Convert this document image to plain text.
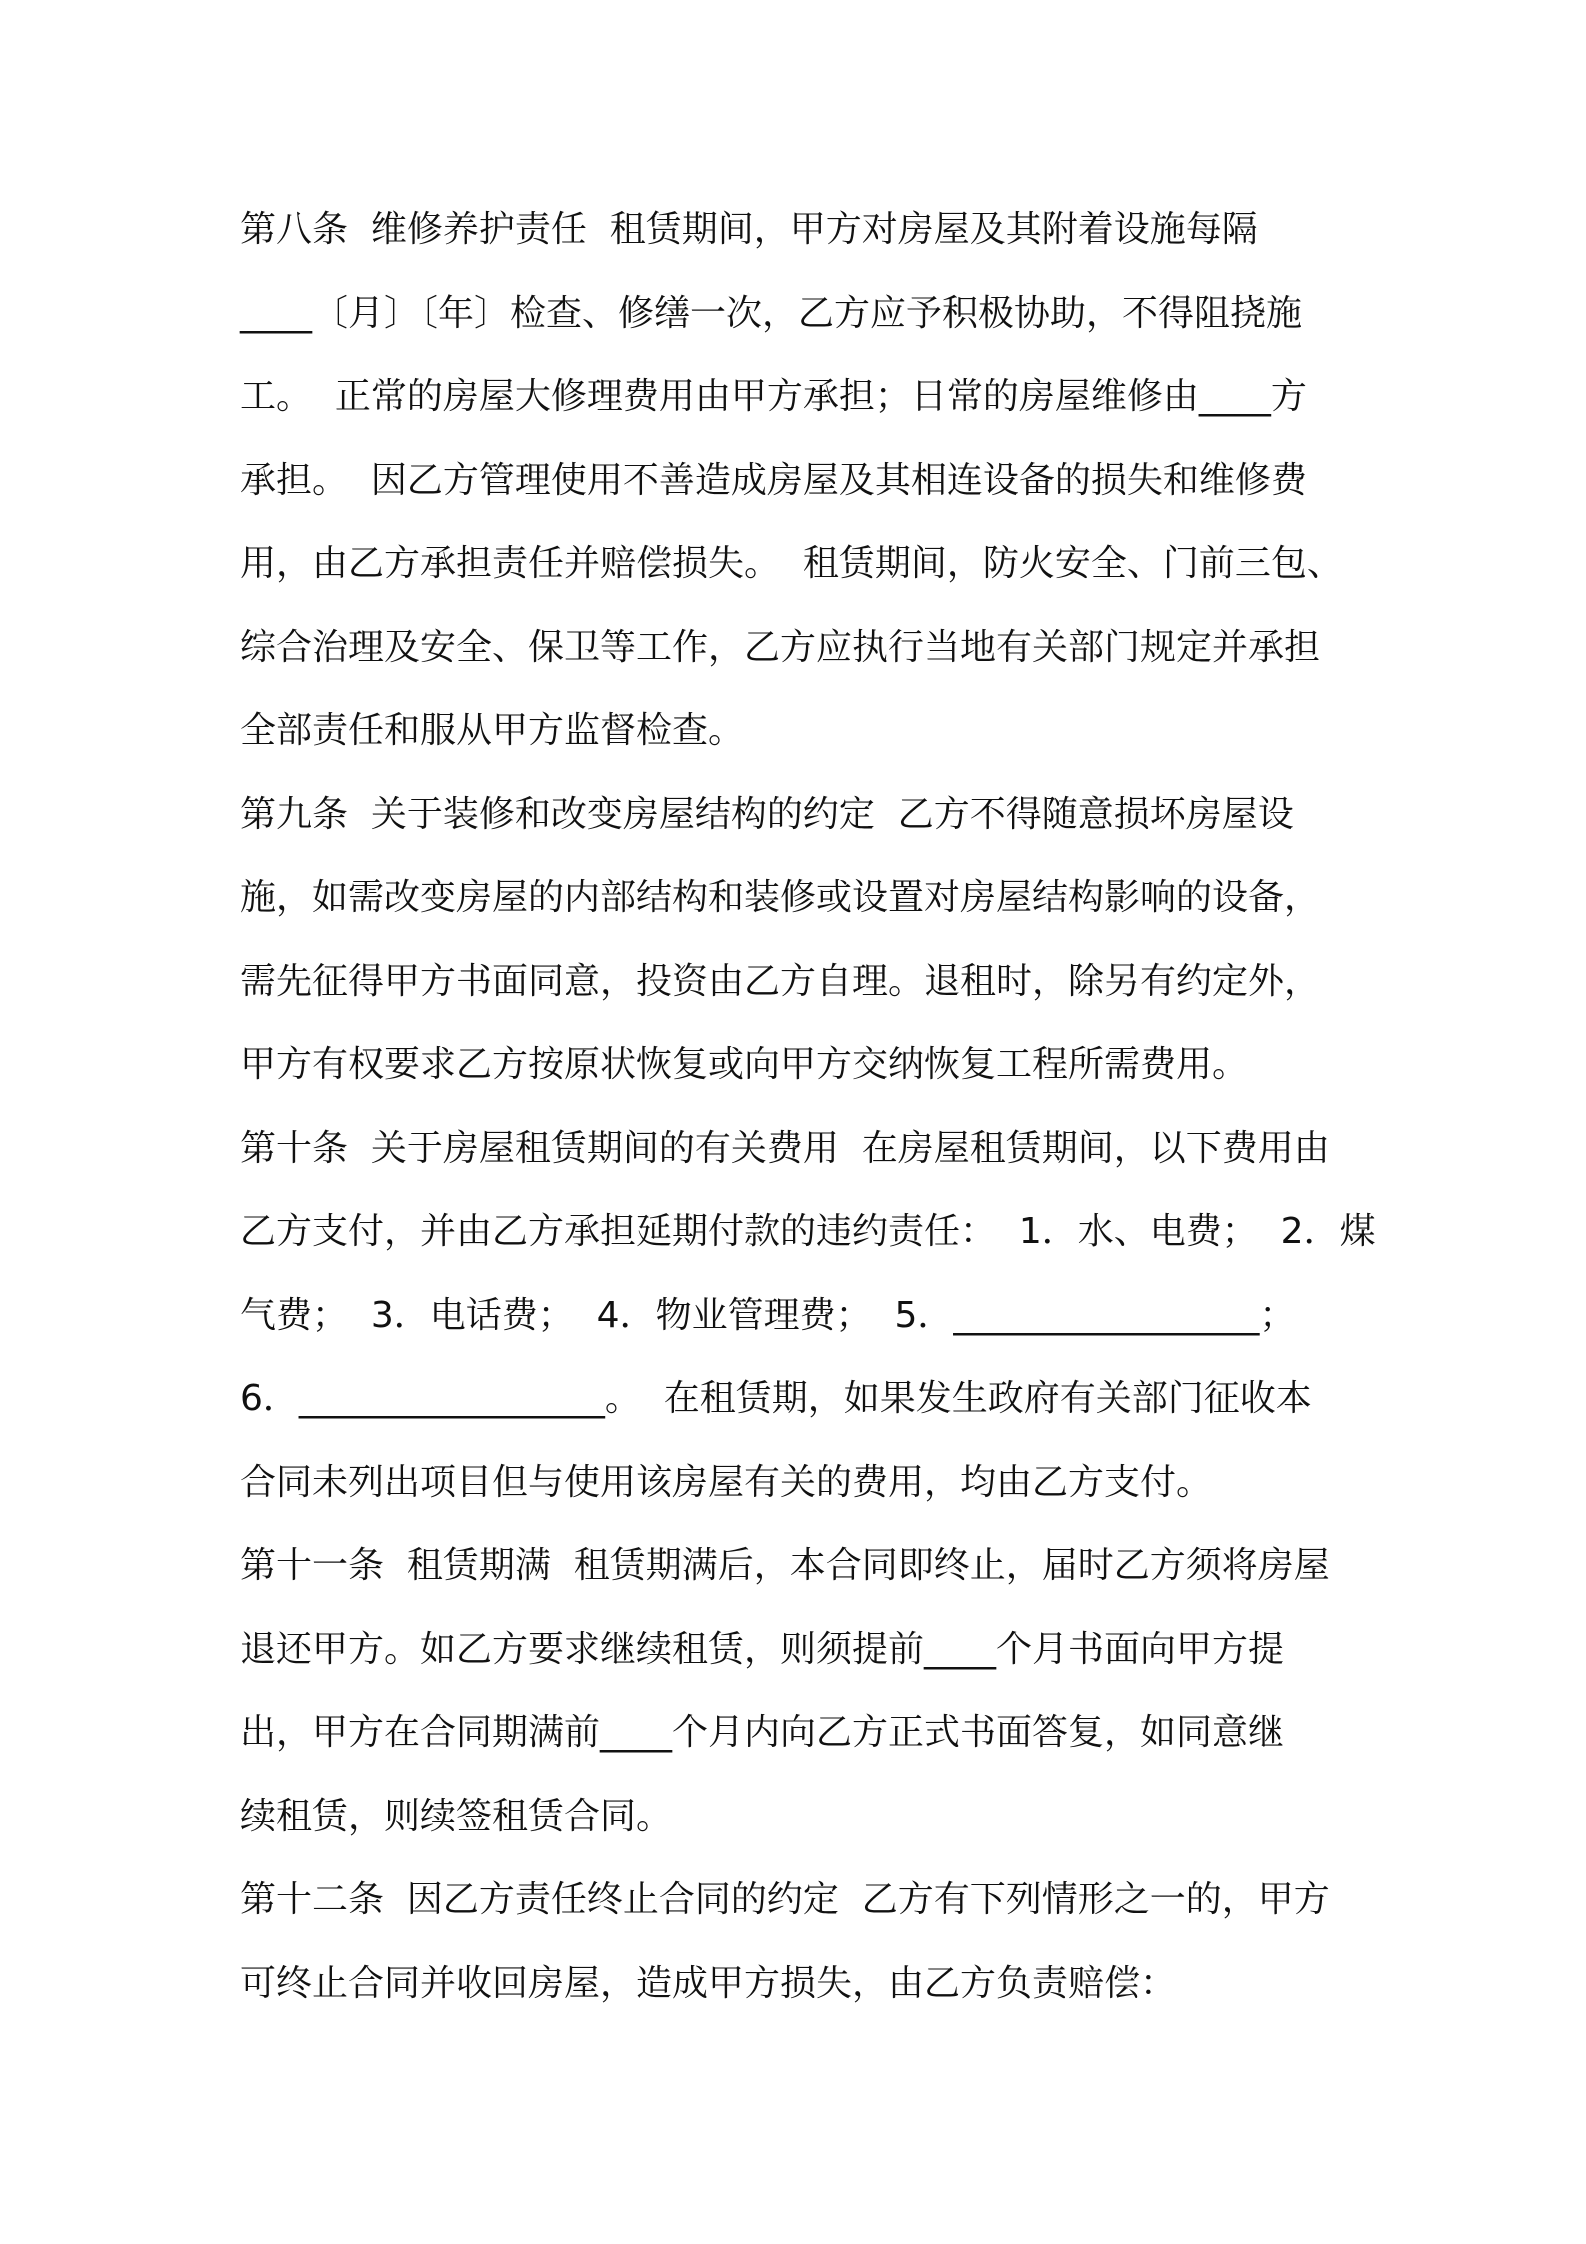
第八条  维修养护责任  租赁期间，甲方对房屋及其附着设施每隔
____〔月〕〔年〕检查、修缮一次，乙方应予积极协助，不得阻挠施
工。  正常的房屋大修理费用由甲方承担；日常的房屋维修由____方
承担。  因乙方管理使用不善造成房屋及其相连设备的损失和维修费
用，由乙方承担责任并赔偿损失。  租赁期间，防火安全、门前三包、
综合治理及安全、保卫等工作，乙方应执行当地有关部门规定并承担
全部责任和服从甲方监督检查。
第九条  关于装修和改变房屋结构的约定  乙方不得随意损坏房屋设
施，如需改变房屋的内部结构和装修或设置对房屋结构影响的设备，
需先征得甲方书面同意，投资由乙方自理。退租时，除另有约定外，
甲方有权要求乙方按原状恢复或向甲方交纳恢复工程所需费用。
第十条  关于房屋租赁期间的有关费用  在房屋租赁期间，以下费用由
乙方支付，并由乙方承担延期付款的违约责任：  1．水、电费；  2．煤
气费；  3．电话费；  4．物业管理费；  5．_________________；
6．_________________。  在租赁期，如果发生政府有关部门征收本
合同未列出项目但与使用该房屋有关的费用，均由乙方支付。
第十一条  租赁期满  租赁期满后，本合同即终止，届时乙方须将房屋
退还甲方。如乙方要求继续租赁，则须提前____个月书面向甲方提
出，甲方在合同期满前____个月内向乙方正式书面答复，如同意继
续租赁，则续签租赁合同。
第十二条  因乙方责任终止合同的约定  乙方有下列情形之一的，甲方
可终止合同并收回房屋，造成甲方损失，由乙方负责赔偿：
